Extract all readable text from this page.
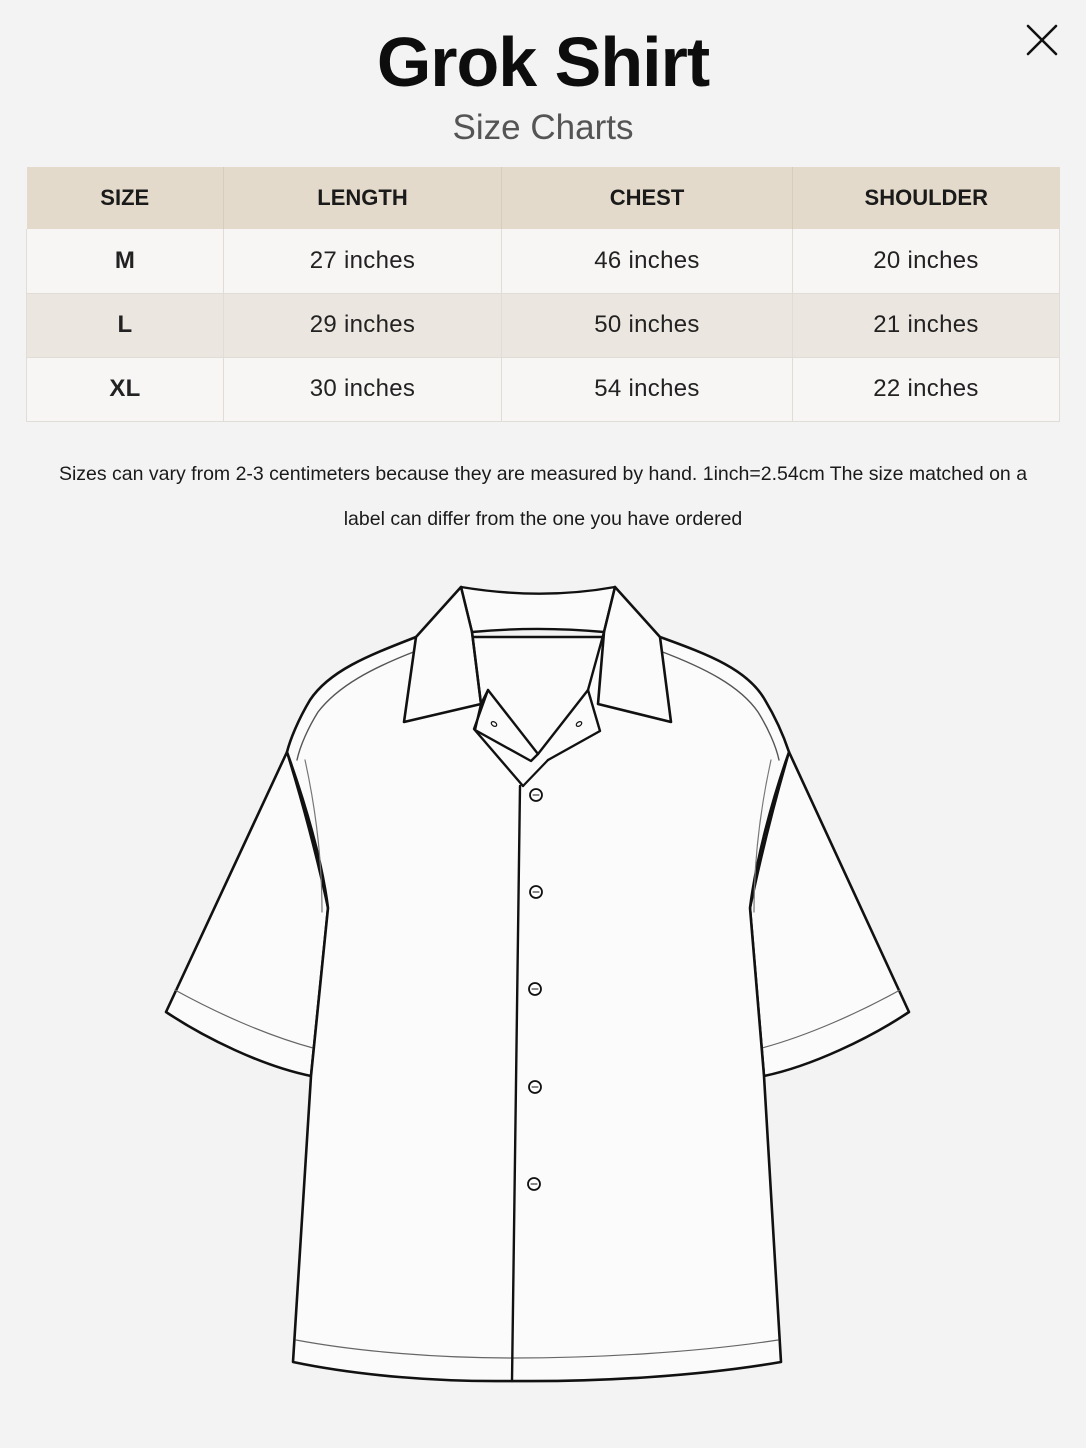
Grok Shirt
Size Charts
SIZE	LENGTH	CHEST	SHOULDER
M	27 inches	46 inches	20 inches
L	29 inches	50 inches	21 inches
XL	30 inches	54 inches	22 inches
Sizes can vary from 2-3 centimeters because they are measured by hand. 1inch=2.54cm The size matched on a
label can differ from the one you have ordered
